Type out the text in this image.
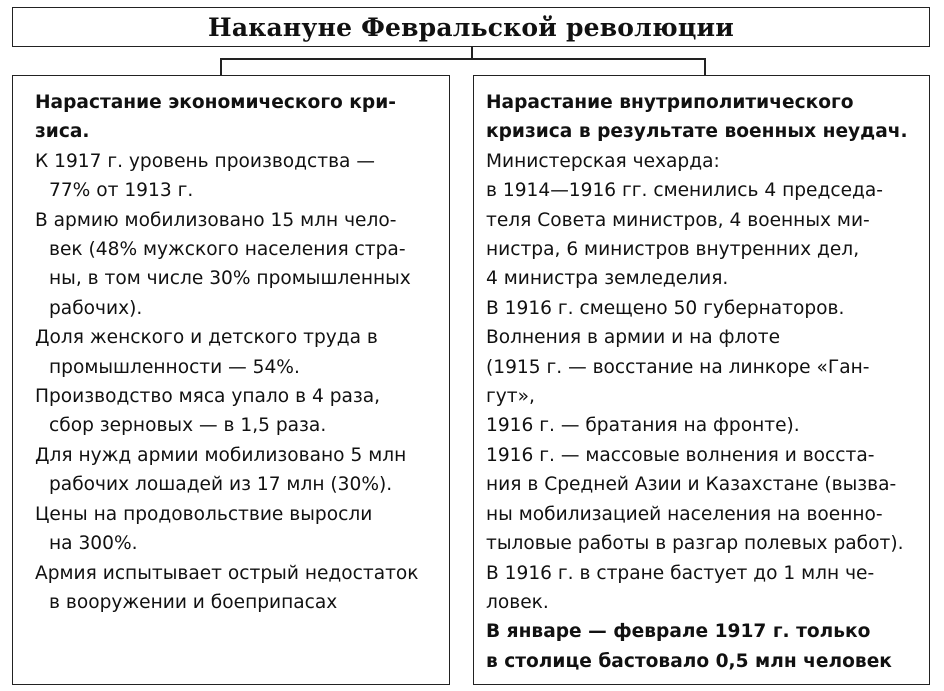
Накануне Февральской революции
Нарастание экономического кри-
зиса.
К 1917 г. уровень производства —
77% от 1913 г.
В армию мобилизовано 15 млн чело-
век (48% мужского населения стра-
ны, в том числе 30% промышленных
рабочих).
Доля женского и детского труда в
промышленности — 54%.
Производство мяса упало в 4 раза,
сбор зерновых — в 1,5 раза.
Для нужд армии мобилизовано 5 млн
рабочих лошадей из 17 млн (30%).
Цены на продовольствие выросли
на 300%.
Армия испытывает острый недостаток
в вооружении и боеприпасах
Нарастание внутриполитического
кризиса в результате военных неудач.
Министерская чехарда:
в 1914—1916 гг. сменились 4 председа-
теля Совета министров, 4 военных ми-
нистра, 6 министров внутренних дел,
4 министра земледелия.
В 1916 г. смещено 50 губернаторов.
Волнения в армии и на флоте
(1915 г. — восстание на линкоре «Ган-
гут»,
1916 г. — братания на фронте).
1916 г. — массовые волнения и восста-
ния в Средней Азии и Казахстане (вызва-
ны мобилизацией населения на военно-
тыловые работы в разгар полевых работ).
В 1916 г. в стране бастует до 1 млн че-
ловек.
В январе — феврале 1917 г. только
в столице бастовало 0,5 млн человек
